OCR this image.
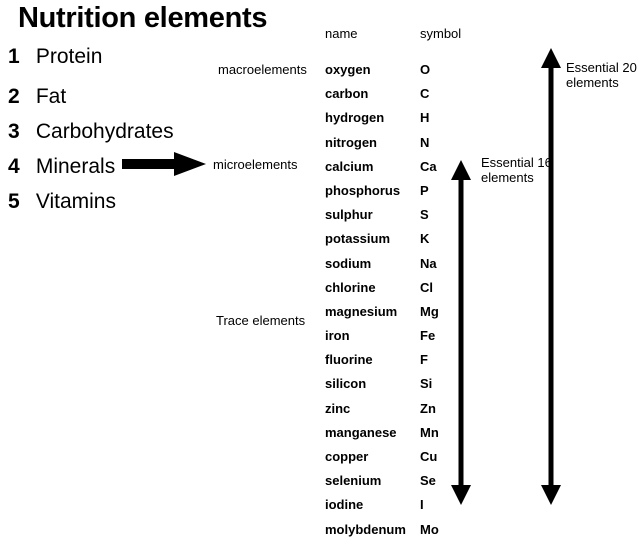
Nutrition elements
1 Protein
2 Fat
3 Carbohydrates
4 Minerals
5 Vitamins
name	symbol
macroelements
microelements
Trace elements
oxygen	O
carbon	C
hydrogen	H
nitrogen	N
calcium	Ca
phosphorus P
sulphur	S
potassium K
sodium	Na
chlorine	Cl
magnesium Mg
iron	Fe
fluorine	F
silicon	Si
zinc	Zn
manganese Mn
copper	Cu
selenium	Se
iodine	I
molybdenum Mo
Essential 16
elements
Essential 20
elements
